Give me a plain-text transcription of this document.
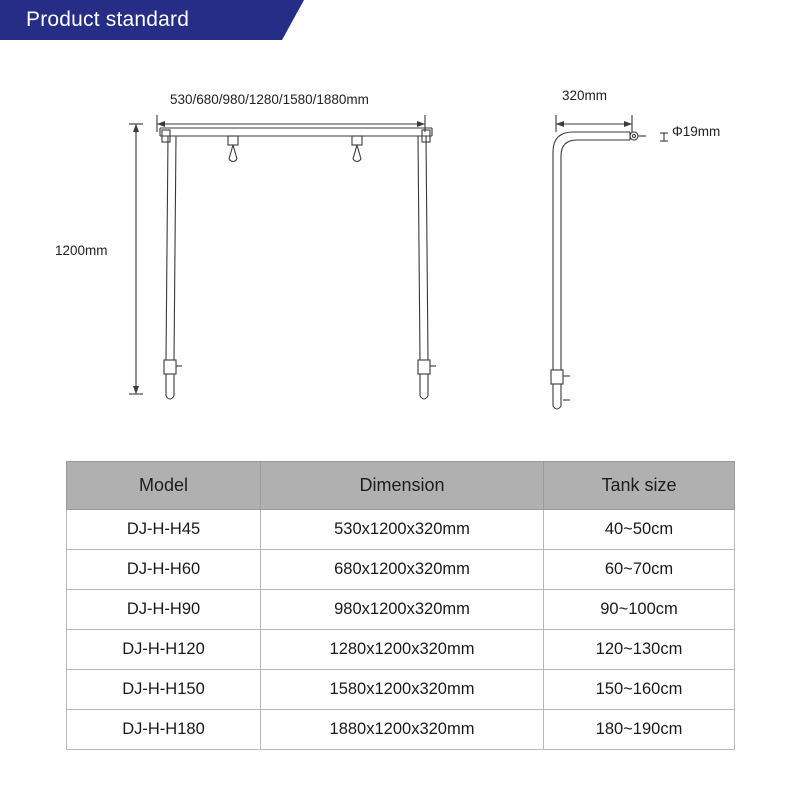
Product standard
530/680/980/1280/1580/1880mm
1200mm
320mm
Φ19mm
Model	Dimension	Tank size
DJ-H-H45	530x1200x320mm	40~50cm
DJ-H-H60	680x1200x320mm	60~70cm
DJ-H-H90	980x1200x320mm	90~100cm
DJ-H-H120	1280x1200x320mm	120~130cm
DJ-H-H150	1580x1200x320mm	150~160cm
DJ-H-H180	1880x1200x320mm	180~190cm
